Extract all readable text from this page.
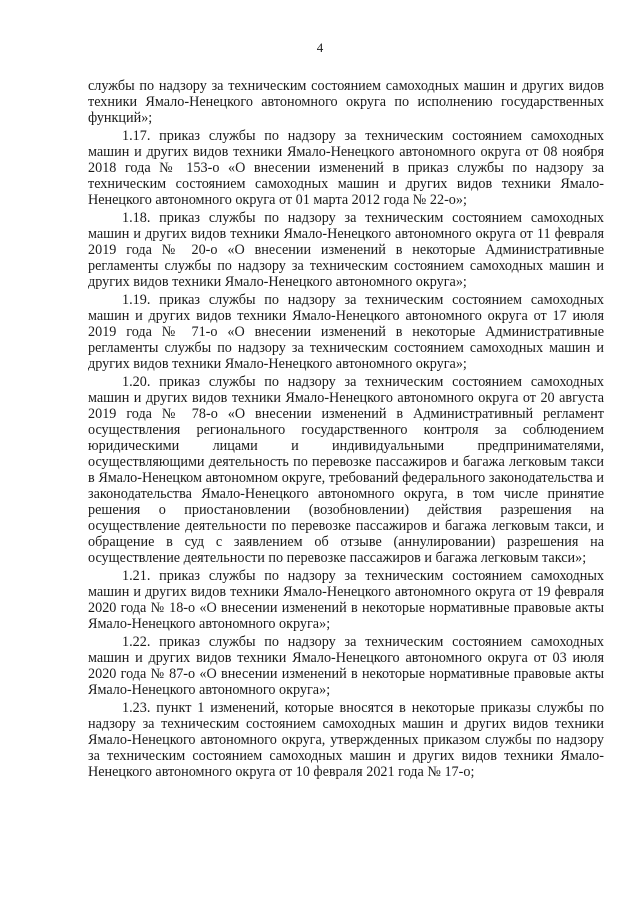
4

службы по надзору за техническим состоянием самоходных машин и других видов техники Ямало-Ненецкого автономного округа по исполнению государственных функций»;

1.17. приказ службы по надзору за техническим состоянием самоходных машин и других видов техники Ямало-Ненецкого автономного округа от 08 ноября 2018 года № 153-о «О внесении изменений в приказ службы по надзору за техническим состоянием самоходных машин и других видов техники Ямало-Ненецкого автономного округа от 01 марта 2012 года № 22-о»;

1.18. приказ службы по надзору за техническим состоянием самоходных машин и других видов техники Ямало-Ненецкого автономного округа от 11 февраля 2019 года № 20-о «О внесении изменений в некоторые Административные регламенты службы по надзору за техническим состоянием самоходных машин и других видов техники Ямало-Ненецкого автономного округа»;

1.19. приказ службы по надзору за техническим состоянием самоходных машин и других видов техники Ямало-Ненецкого автономного округа от 17 июля 2019 года № 71-о «О внесении изменений в некоторые Административные регламенты службы по надзору за техническим состоянием самоходных машин и других видов техники Ямало-Ненецкого автономного округа»;

1.20. приказ службы по надзору за техническим состоянием самоходных машин и других видов техники Ямало-Ненецкого автономного округа от 20 августа 2019 года № 78-о «О внесении изменений в Административный регламент осуществления регионального государственного контроля за соблюдением юридическими лицами и индивидуальными предпринимателями, осуществляющими деятельность по перевозке пассажиров и багажа легковым такси в Ямало-Ненецком автономном округе, требований федерального законодательства и законодательства Ямало-Ненецкого автономного округа, в том числе принятие решения о приостановлении (возобновлении) действия разрешения на осуществление деятельности по перевозке пассажиров и багажа легковым такси, и обращение в суд с заявлением об отзыве (аннулировании) разрешения на осуществление деятельности по перевозке пассажиров и багажа легковым такси»;

1.21. приказ службы по надзору за техническим состоянием самоходных машин и других видов техники Ямало-Ненецкого автономного округа от 19 февраля 2020 года № 18-о «О внесении изменений в некоторые нормативные правовые акты Ямало-Ненецкого автономного округа»;

1.22. приказ службы по надзору за техническим состоянием самоходных машин и других видов техники Ямало-Ненецкого автономного округа от 03 июля 2020 года № 87-о «О внесении изменений в некоторые нормативные правовые акты Ямало-Ненецкого автономного округа»;

1.23. пункт 1 изменений, которые вносятся в некоторые приказы службы по надзору за техническим состоянием самоходных машин и других видов техники Ямало-Ненецкого автономного округа, утвержденных приказом службы по надзору за техническим состоянием самоходных машин и других видов техники Ямало-Ненецкого автономного округа от 10 февраля 2021 года № 17-о;
